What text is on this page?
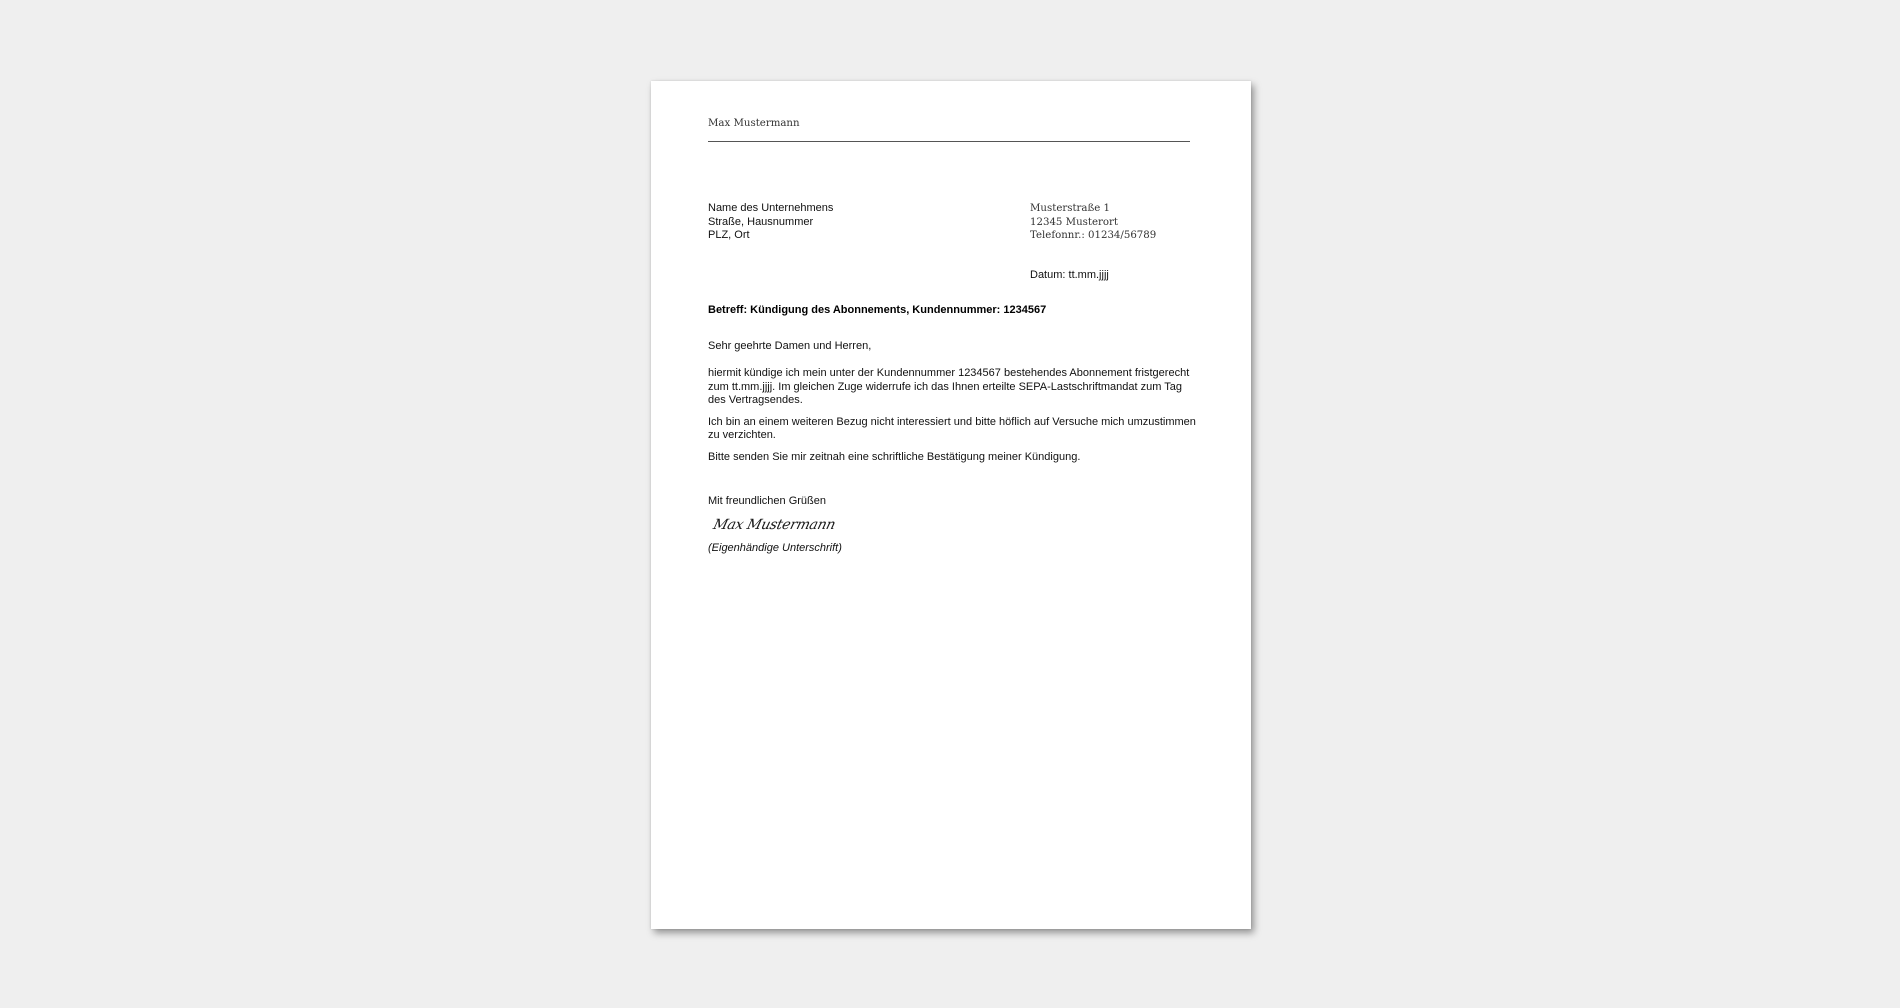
Max Mustermann
Name des Unternehmens
Straße, Hausnummer
PLZ, Ort
Musterstraße 1
12345 Musterort
Telefonnr.: 01234/56789
Datum: tt.mm.jjjj
Betreff: Kündigung des Abonnements, Kundennummer: 1234567
Sehr geehrte Damen und Herren,

hiermit kündige ich mein unter der Kundennummer 1234567 bestehendes Abonnement fristgerecht zum tt.mm.jjjj. Im gleichen Zuge widerrufe ich das Ihnen erteilte SEPA-Lastschriftmandat zum Tag des Vertragsendes.

Ich bin an einem weiteren Bezug nicht interessiert und bitte höflich auf Versuche mich umzustimmen zu verzichten.

Bitte senden Sie mir zeitnah eine schriftliche Bestätigung meiner Kündigung.

Mit freundlichen Grüßen
Max Mustermann
(Eigenhändige Unterschrift)
